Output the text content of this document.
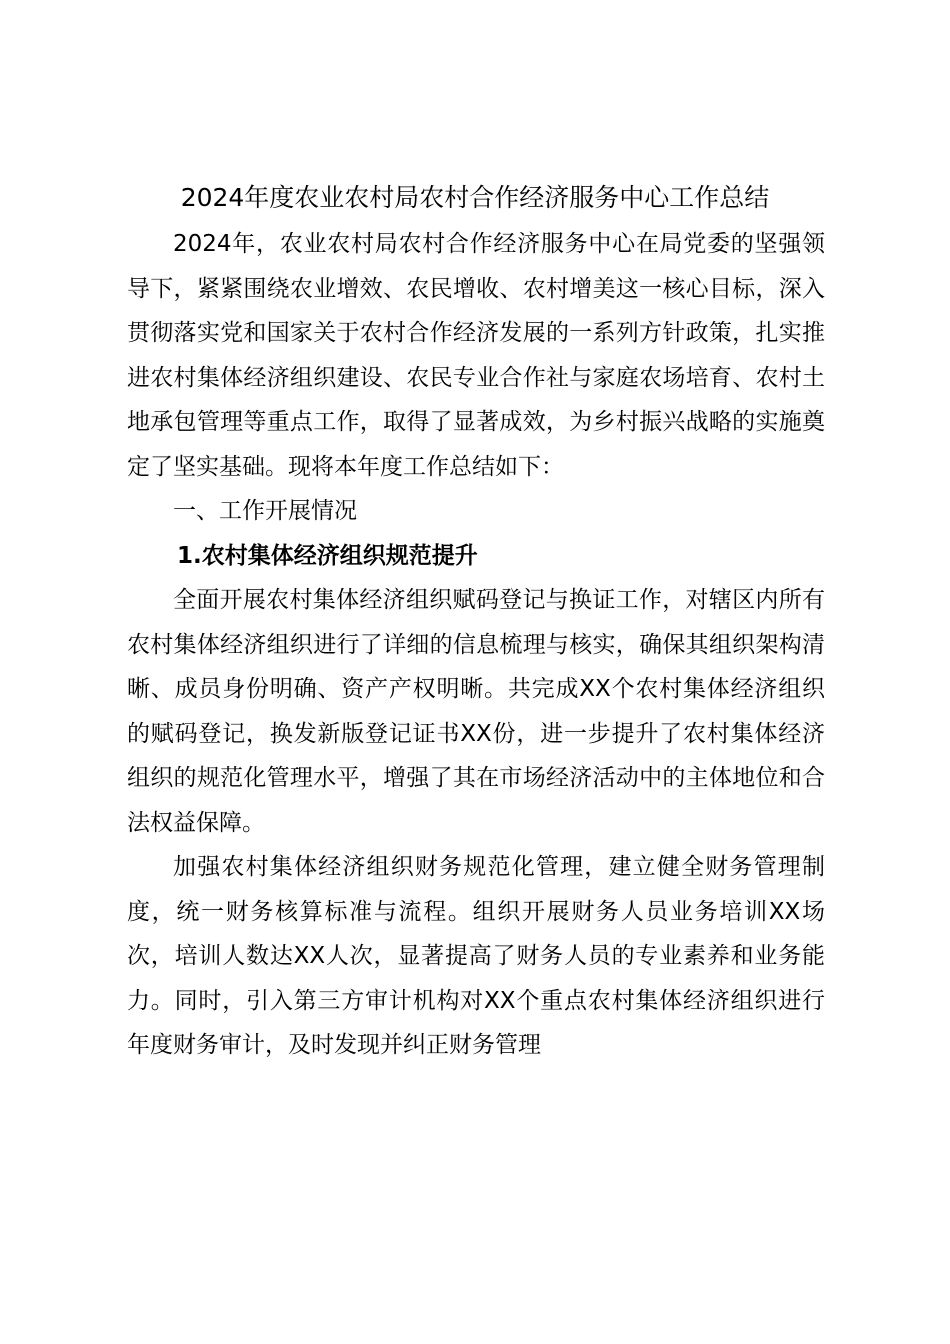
2024年度农业农村局农村合作经济服务中心工作总结

2024年，农业农村局农村合作经济服务中心在局党委的坚强领导下，紧紧围绕农业增效、农民增收、农村增美这一核心目标，深入贯彻落实党和国家关于农村合作经济发展的一系列方针政策，扎实推进农村集体经济组织建设、农民专业合作社与家庭农场培育、农村土地承包管理等重点工作，取得了显著成效，为乡村振兴战略的实施奠定了坚实基础。现将本年度工作总结如下：

一、工作开展情况

1.农村集体经济组织规范提升

全面开展农村集体经济组织赋码登记与换证工作，对辖区内所有农村集体经济组织进行了详细的信息梳理与核实，确保其组织架构清晰、成员身份明确、资产产权明晰。共完成XX个农村集体经济组织的赋码登记，换发新版登记证书XX份，进一步提升了农村集体经济组织的规范化管理水平，增强了其在市场经济活动中的主体地位和合法权益保障。

加强农村集体经济组织财务规范化管理，建立健全财务管理制度，统一财务核算标准与流程。组织开展财务人员业务培训XX场次，培训人数达XX人次，显著提高了财务人员的专业素养和业务能力。同时，引入第三方审计机构对XX个重点农村集体经济组织进行年度财务审计，及时发现并纠正财务管理
